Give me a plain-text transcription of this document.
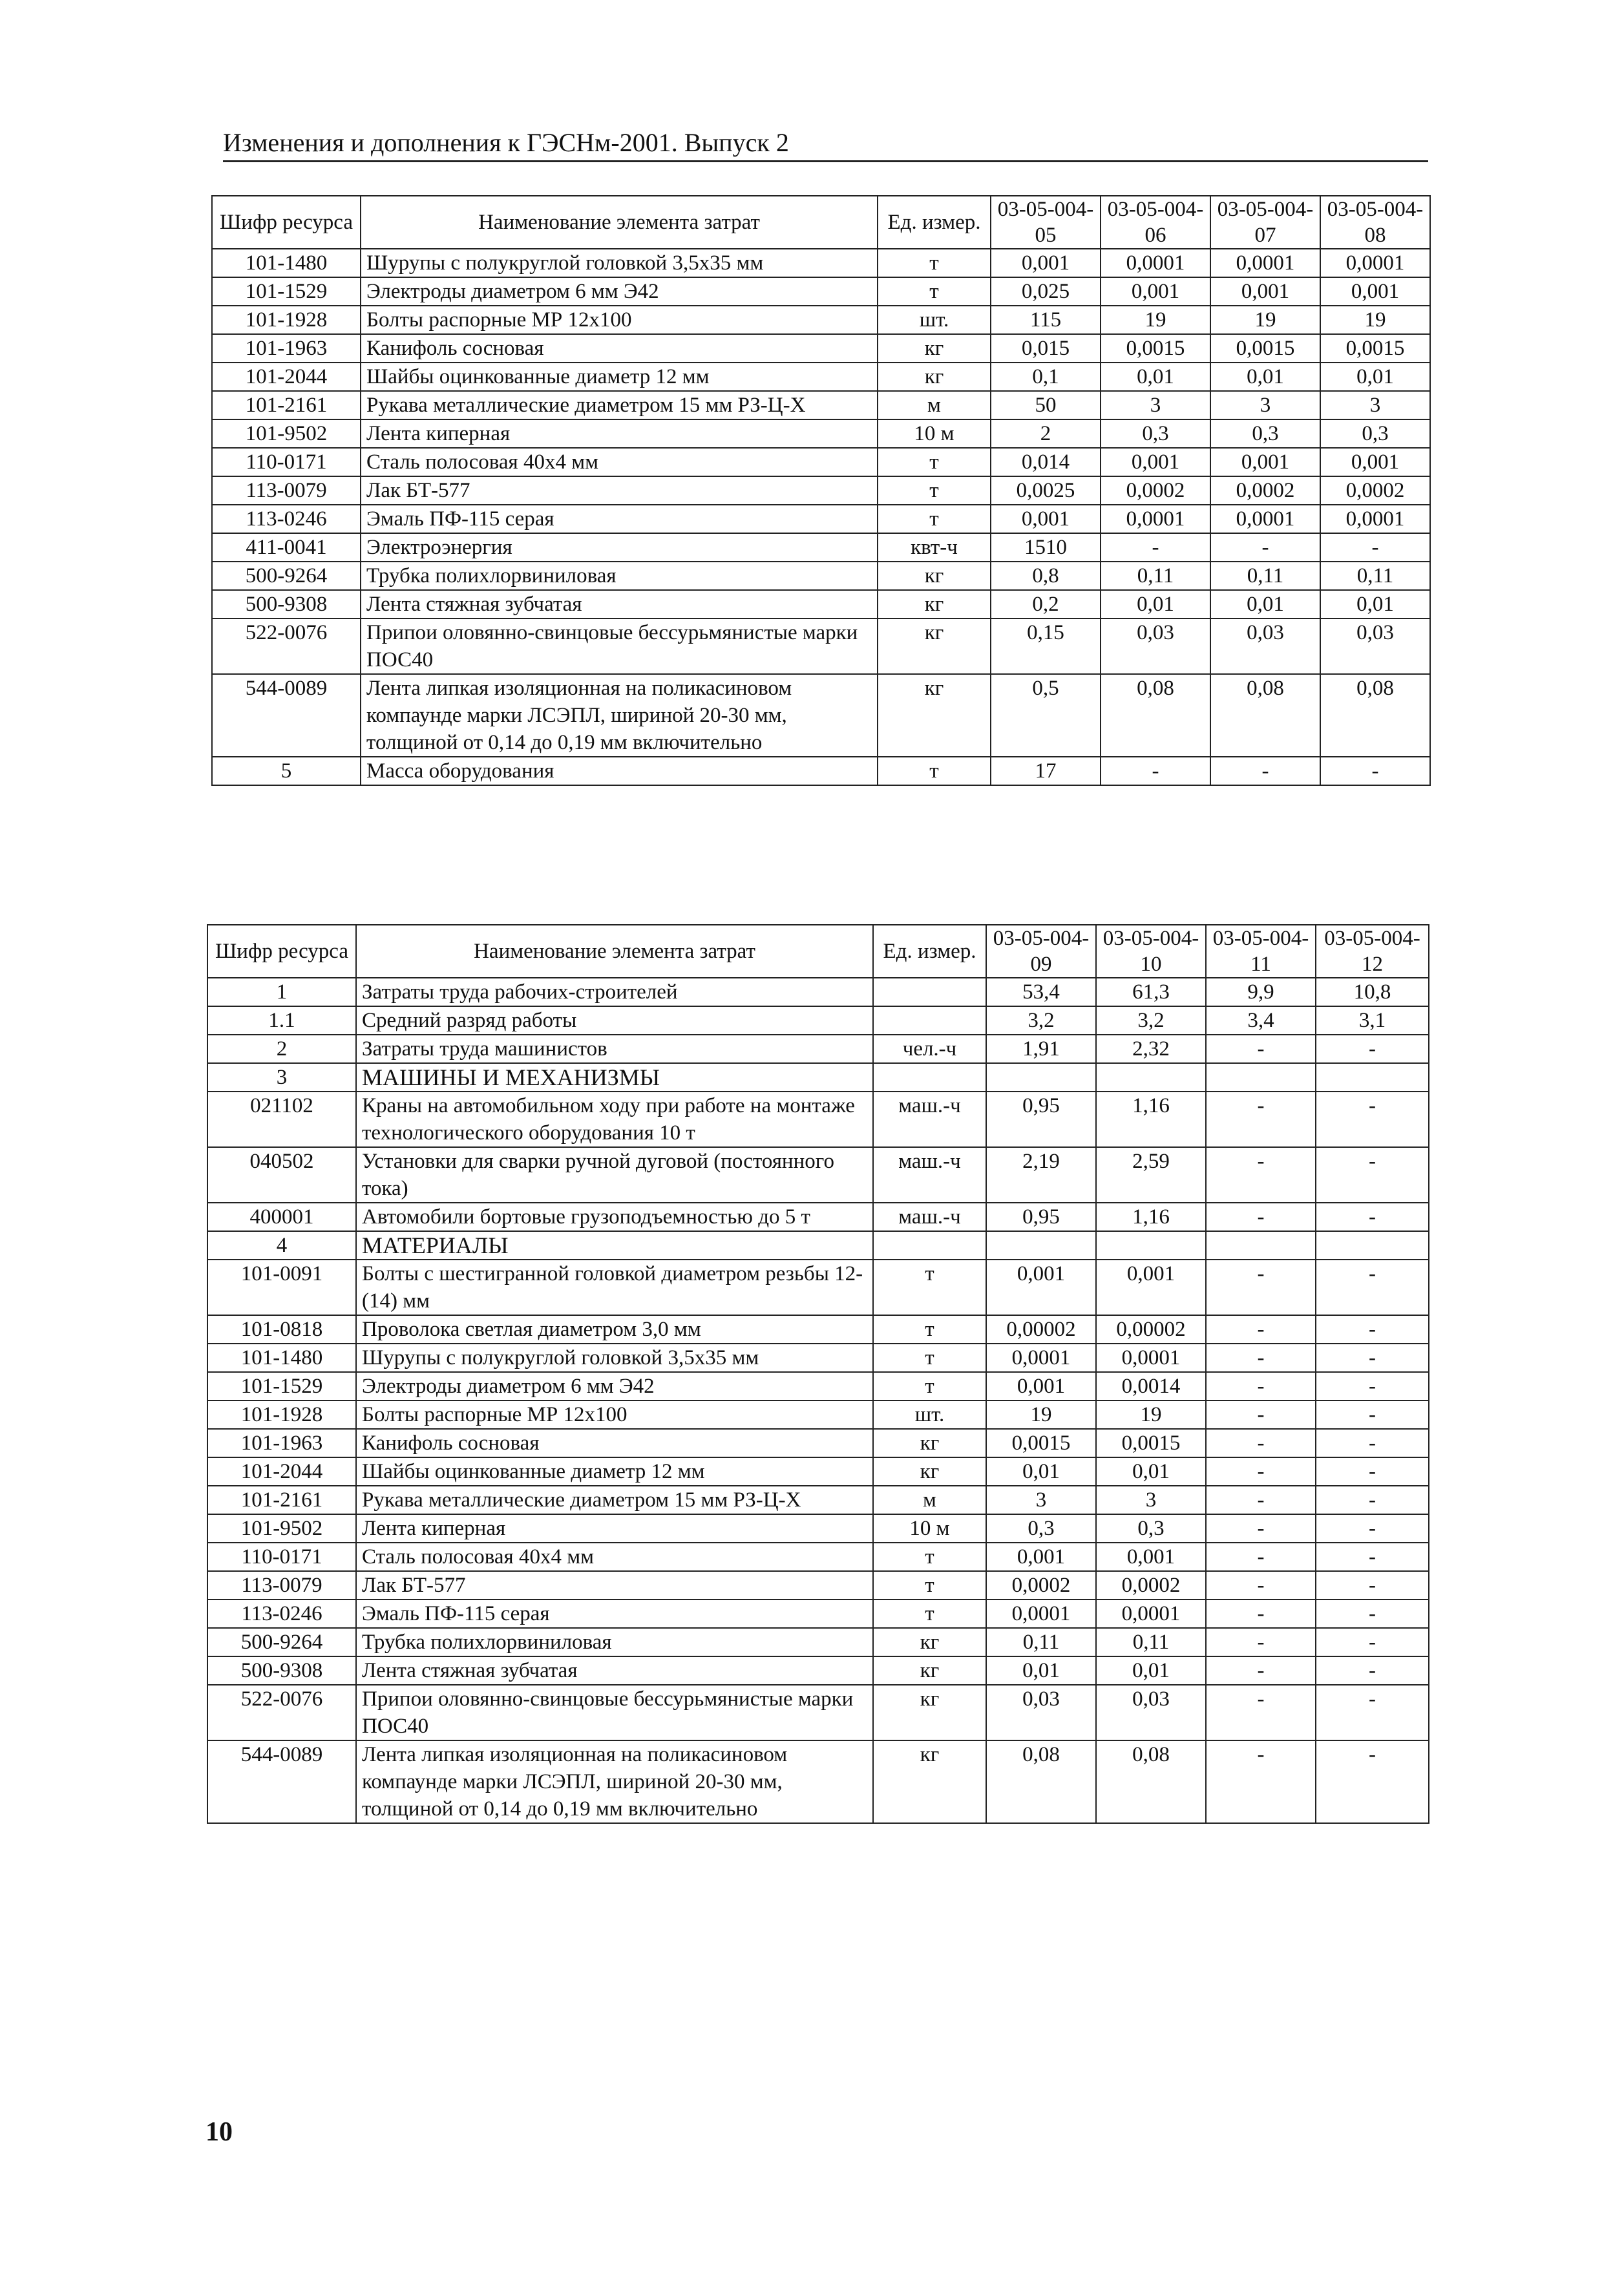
Изменения и дополнения к ГЭСНм-2001. Выпуск 2
Шифр ресурса	Наименование элемента затрат	Ед. измер.	03-05-004-05	03-05-004-06	03-05-004-07	03-05-004-08
101-1480	Шурупы с полукруглой головкой 3,5x35 мм	т	0,001	0,0001	0,0001	0,0001
101-1529	Электроды диаметром 6 мм Э42	т	0,025	0,001	0,001	0,001
101-1928	Болты распорные МР 12x100	шт.	115	19	19	19
101-1963	Канифоль сосновая	кг	0,015	0,0015	0,0015	0,0015
101-2044	Шайбы оцинкованные диаметр 12 мм	кг	0,1	0,01	0,01	0,01
101-2161	Рукава металлические диаметром 15 мм РЗ-Ц-Х	м	50	3	3	3
101-9502	Лента киперная	10 м	2	0,3	0,3	0,3
110-0171	Сталь полосовая 40x4 мм	т	0,014	0,001	0,001	0,001
113-0079	Лак БТ-577	т	0,0025	0,0002	0,0002	0,0002
113-0246	Эмаль ПФ-115 серая	т	0,001	0,0001	0,0001	0,0001
411-0041	Электроэнергия	квт-ч	1510	-	-	-
500-9264	Трубка полихлорвиниловая	кг	0,8	0,11	0,11	0,11
500-9308	Лента стяжная зубчатая	кг	0,2	0,01	0,01	0,01
522-0076	Припои оловянно-свинцовые бессурьмянистые марки ПОС40	кг	0,15	0,03	0,03	0,03
544-0089	Лента липкая изоляционная на поликасиновом компаунде марки ЛСЭПЛ, шириной 20-30 мм, толщиной от 0,14 до 0,19 мм включительно	кг	0,5	0,08	0,08	0,08
5	Масса оборудования	т	17	-	-	-
Шифр ресурса	Наименование элемента затрат	Ед. измер.	03-05-004-09	03-05-004-10	03-05-004-11	03-05-004-12
1	Затраты труда рабочих-строителей		53,4	61,3	9,9	10,8
1.1	Средний разряд работы		3,2	3,2	3,4	3,1
2	Затраты труда машинистов	чел.-ч	1,91	2,32	-	-
3	МАШИНЫ И МЕХАНИЗМЫ					
021102	Краны на автомобильном ходу при работе на монтаже технологического оборудования 10 т	маш.-ч	0,95	1,16	-	-
040502	Установки для сварки ручной дуговой (постоянного тока)	маш.-ч	2,19	2,59	-	-
400001	Автомобили бортовые грузоподъемностью до 5 т	маш.-ч	0,95	1,16	-	-
4	МАТЕРИАЛЫ					
101-0091	Болты с шестигранной головкой диаметром резьбы 12-(14) мм	т	0,001	0,001	-	-
101-0818	Проволока светлая диаметром 3,0 мм	т	0,00002	0,00002	-	-
101-1480	Шурупы с полукруглой головкой 3,5x35 мм	т	0,0001	0,0001	-	-
101-1529	Электроды диаметром 6 мм Э42	т	0,001	0,0014	-	-
101-1928	Болты распорные МР 12x100	шт.	19	19	-	-
101-1963	Канифоль сосновая	кг	0,0015	0,0015	-	-
101-2044	Шайбы оцинкованные диаметр 12 мм	кг	0,01	0,01	-	-
101-2161	Рукава металлические диаметром 15 мм РЗ-Ц-Х	м	3	3	-	-
101-9502	Лента киперная	10 м	0,3	0,3	-	-
110-0171	Сталь полосовая 40x4 мм	т	0,001	0,001	-	-
113-0079	Лак БТ-577	т	0,0002	0,0002	-	-
113-0246	Эмаль ПФ-115 серая	т	0,0001	0,0001	-	-
500-9264	Трубка полихлорвиниловая	кг	0,11	0,11	-	-
500-9308	Лента стяжная зубчатая	кг	0,01	0,01	-	-
522-0076	Припои оловянно-свинцовые бессурьмянистые марки ПОС40	кг	0,03	0,03	-	-
544-0089	Лента липкая изоляционная на поликасиновом компаунде марки ЛСЭПЛ, шириной 20-30 мм, толщиной от 0,14 до 0,19 мм включительно	кг	0,08	0,08	-	-
10
